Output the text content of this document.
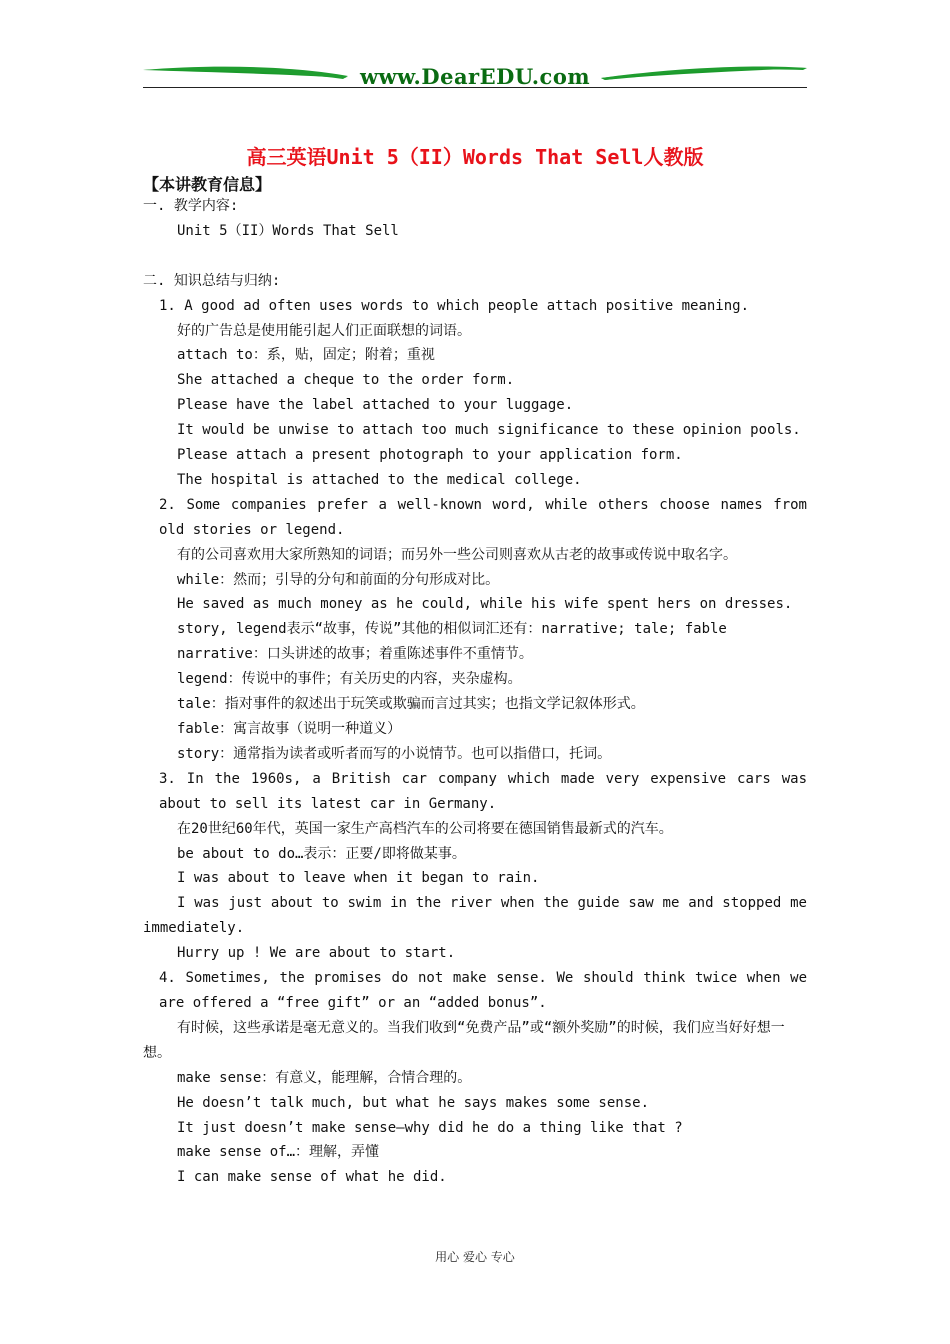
www.DearEDU.com
高三英语Unit 5（II）Words That Sell人教版
【本讲教育信息】

一. 教学内容:

Unit 5（II）Words That Sell

二. 知识总结与归纳:

1. A good ad often uses words to which people attach positive meaning.

好的广告总是使用能引起人们正面联想的词语。

attach to：系，贴，固定；附着；重视

She attached a cheque to the order form.

Please have the label attached to your luggage.

It would be unwise to attach too much significance to these opinion pools.

Please attach a present photograph to your application form.

The hospital is attached to the medical college.

2. Some companies prefer a well-known word, while others choose names from old stories or legend.

有的公司喜欢用大家所熟知的词语；而另外一些公司则喜欢从古老的故事或传说中取名字。

while：然而；引导的分句和前面的分句形成对比。

He saved as much money as he could, while his wife spent hers on dresses.

story, legend表示“故事，传说”其他的相似词汇还有：narrative; tale; fable

narrative：口头讲述的故事；着重陈述事件不重情节。

legend：传说中的事件；有关历史的内容，夹杂虚构。

tale：指对事件的叙述出于玩笑或欺骗而言过其实；也指文学记叙体形式。

fable：寓言故事（说明一种道义）

story：通常指为读者或听者而写的小说情节。也可以指借口，托词。

3. In the 1960s, a British car company which made very expensive cars was about to sell its latest car in Germany.

在20世纪60年代，英国一家生产高档汽车的公司将要在德国销售最新式的汽车。

be about to do…表示：正要/即将做某事。

I was about to leave when it began to rain.

I was just about to swim in the river when the guide saw me and stopped me immediately.

Hurry up ! We are about to start.

4. Sometimes, the promises do not make sense. We should think twice when we are offered a “free gift” or an “added bonus”.

有时候，这些承诺是毫无意义的。当我们收到“免费产品”或“额外奖励”的时候，我们应当好好想一想。

make sense：有意义，能理解，合情合理的。

He doesn’t talk much, but what he says makes some sense.

It just doesn’t make sense—why did he do a thing like that ?

make sense of…：理解，弄懂

I can make sense of what he did.

用心 爱心 专心
